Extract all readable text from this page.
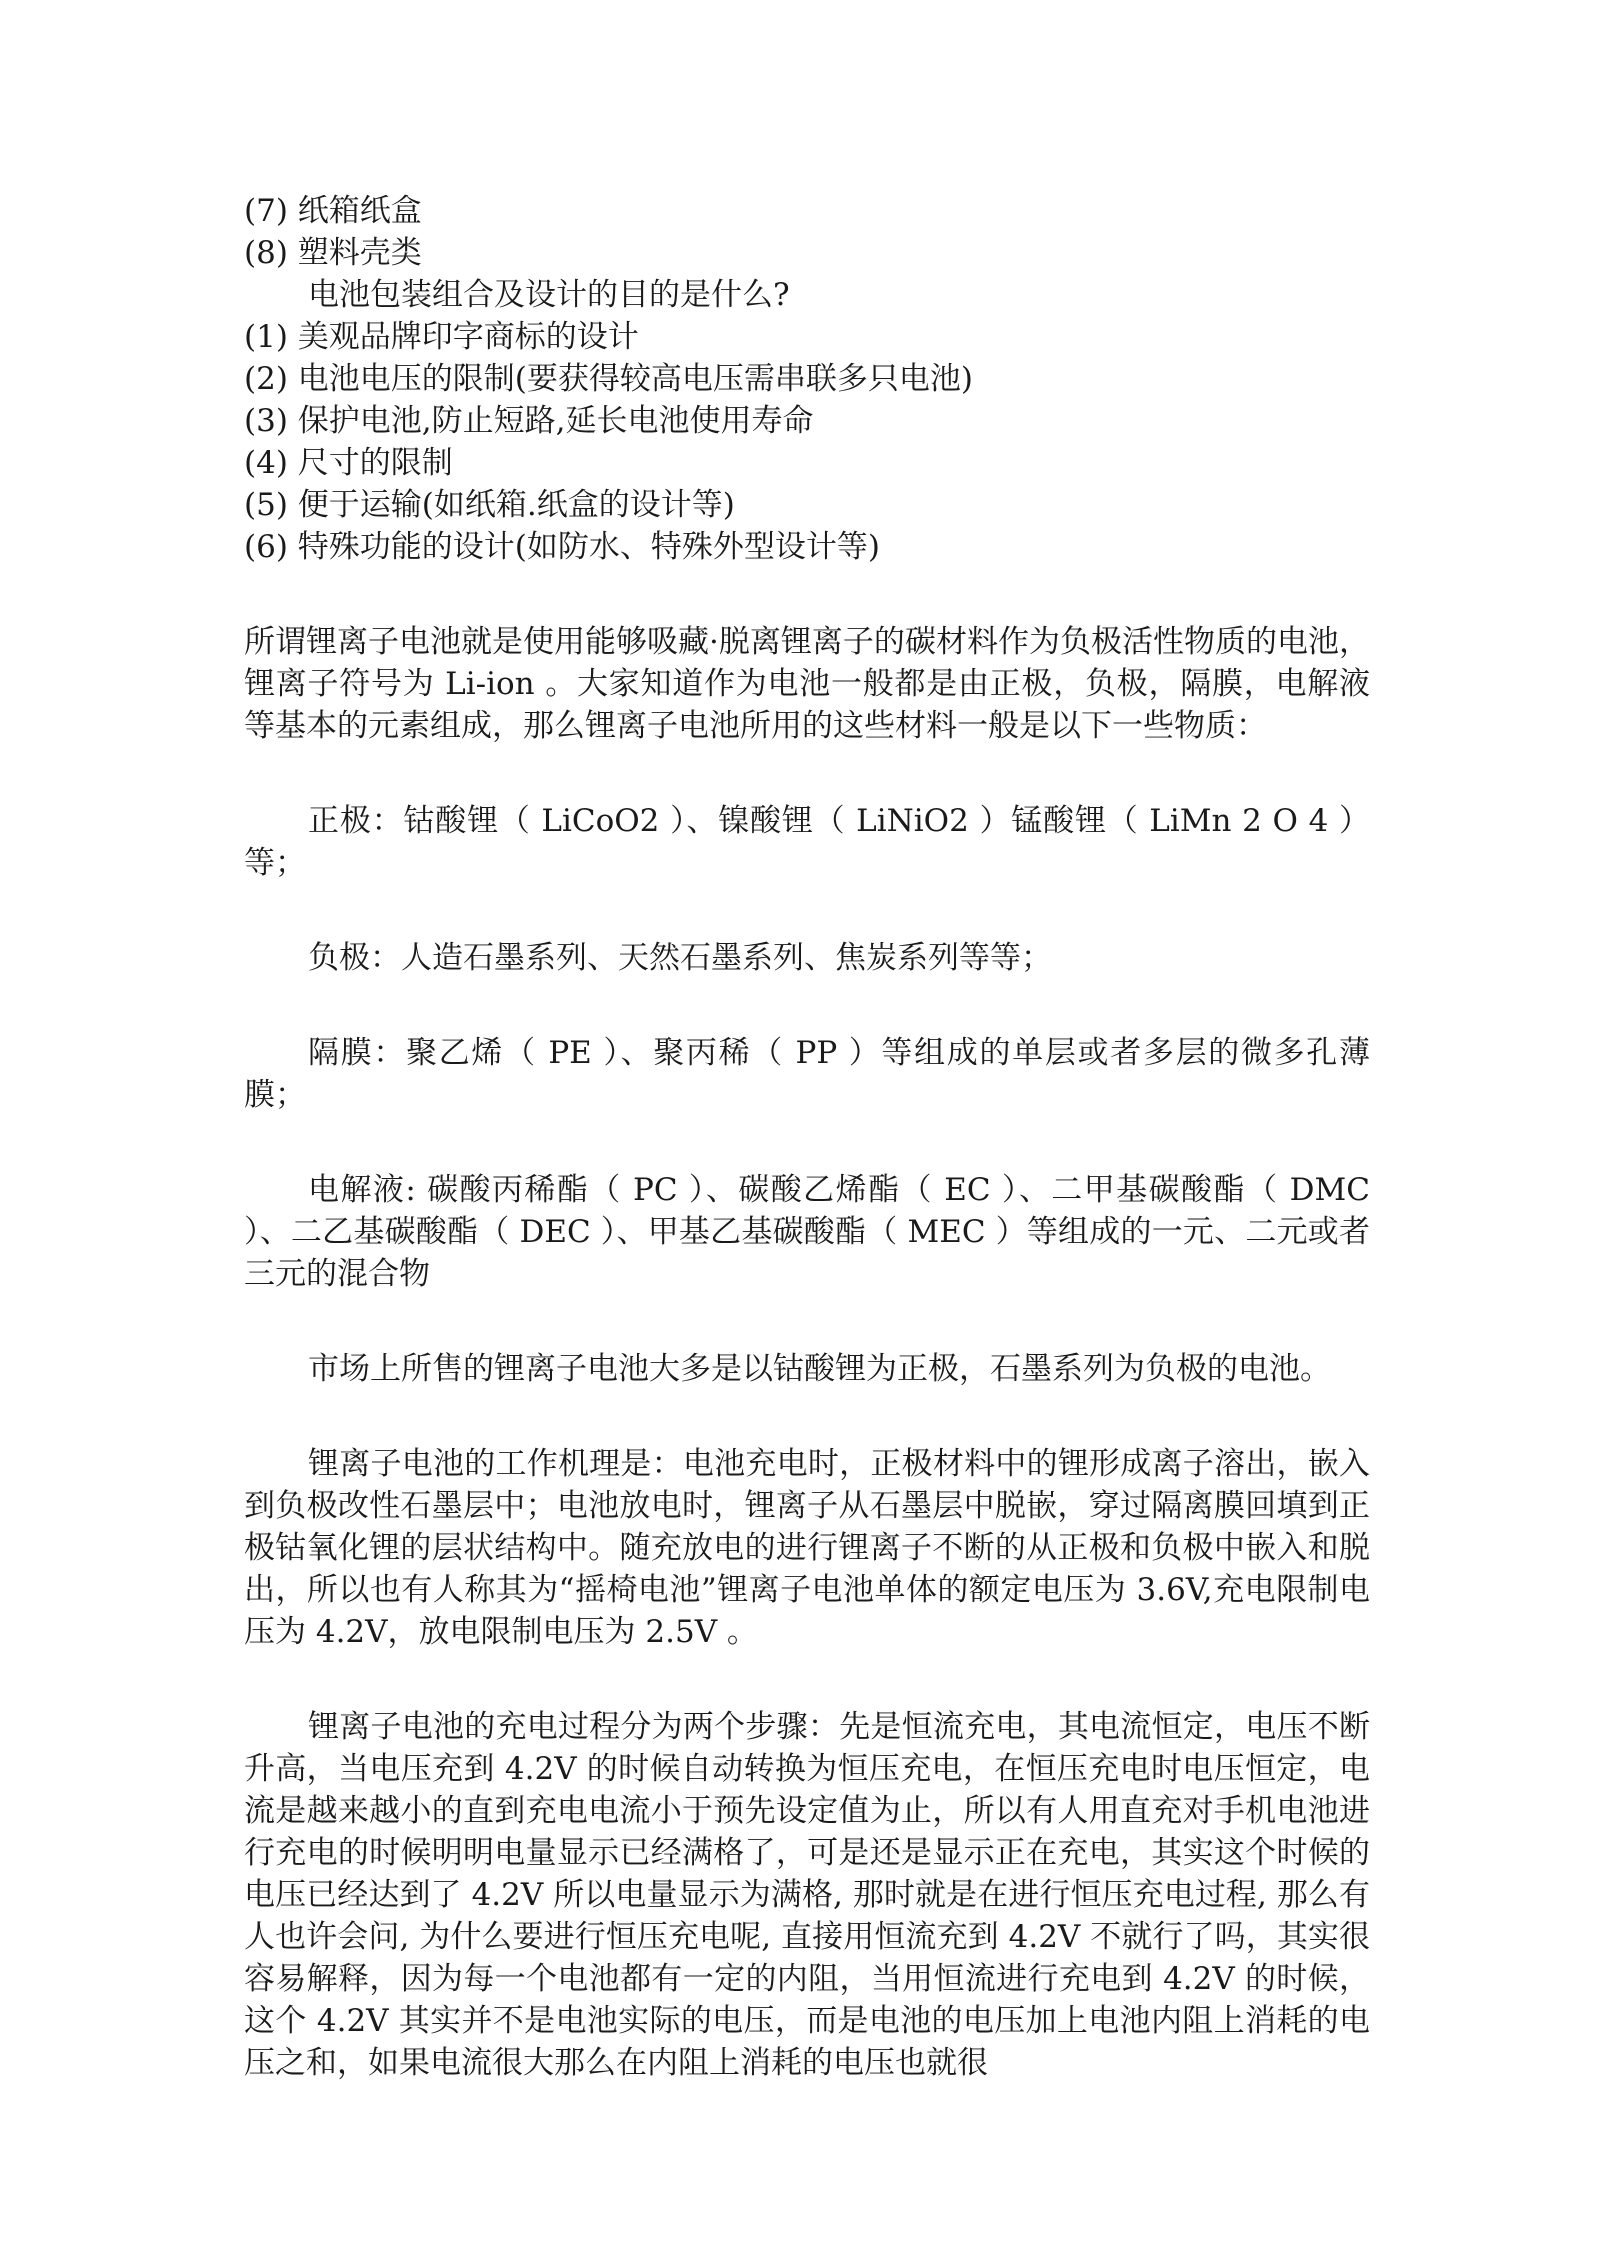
(7) 纸箱纸盒
(8) 塑料壳类
电池包装组合及设计的目的是什么?
(1) 美观品牌印字商标的设计
(2) 电池电压的限制(要获得较高电压需串联多只电池)
(3) 保护电池,防止短路,延长电池使用寿命
(4) 尺寸的限制
(5) 便于运输(如纸箱.纸盒的设计等)
(6) 特殊功能的设计(如防水、特殊外型设计等)

所谓锂离子电池就是使用能够吸藏·脱离锂离子的碳材料作为负极活性物质的电池，锂离子符号为 Li-ion 。大家知道作为电池一般都是由正极，负极，隔膜，电解液等基本的元素组成，那么锂离子电池所用的这些材料一般是以下一些物质：

正极：钴酸锂（ LiCoO2 ）、镍酸锂（ LiNiO2 ）锰酸锂（ LiMn 2 O 4 ）等；

负极：人造石墨系列、天然石墨系列、焦炭系列等等；

隔膜：聚乙烯（ PE ）、聚丙稀（ PP ）等组成的单层或者多层的微多孔薄膜；

电解液: 碳酸丙稀酯（ PC ）、碳酸乙烯酯（ EC ）、二甲基碳酸酯（ DMC ）、二乙基碳酸酯（ DEC ）、甲基乙基碳酸酯（ MEC ）等组成的一元、二元或者三元的混合物

市场上所售的锂离子电池大多是以钴酸锂为正极，石墨系列为负极的电池。

锂离子电池的工作机理是：电池充电时，正极材料中的锂形成离子溶出，嵌入到负极改性石墨层中；电池放电时，锂离子从石墨层中脱嵌，穿过隔离膜回填到正极钴氧化锂的层状结构中。随充放电的进行锂离子不断的从正极和负极中嵌入和脱出，所以也有人称其为“摇椅电池”锂离子电池单体的额定电压为 3.6V,充电限制电压为 4.2V，放电限制电压为 2.5V 。

锂离子电池的充电过程分为两个步骤：先是恒流充电，其电流恒定，电压不断升高，当电压充到 4.2V 的时候自动转换为恒压充电，在恒压充电时电压恒定，电流是越来越小的直到充电电流小于预先设定值为止，所以有人用直充对手机电池进行充电的时候明明电量显示已经满格了，可是还是显示正在充电，其实这个时候的电压已经达到了 4.2V 所以电量显示为满格, 那时就是在进行恒压充电过程, 那么有人也许会问, 为什么要进行恒压充电呢, 直接用恒流充到 4.2V 不就行了吗，其实很容易解释，因为每一个电池都有一定的内阻，当用恒流进行充电到 4.2V 的时候，这个 4.2V 其实并不是电池实际的电压，而是电池的电压加上电池内阻上消耗的电压之和，如果电流很大那么在内阻上消耗的电压也就很
